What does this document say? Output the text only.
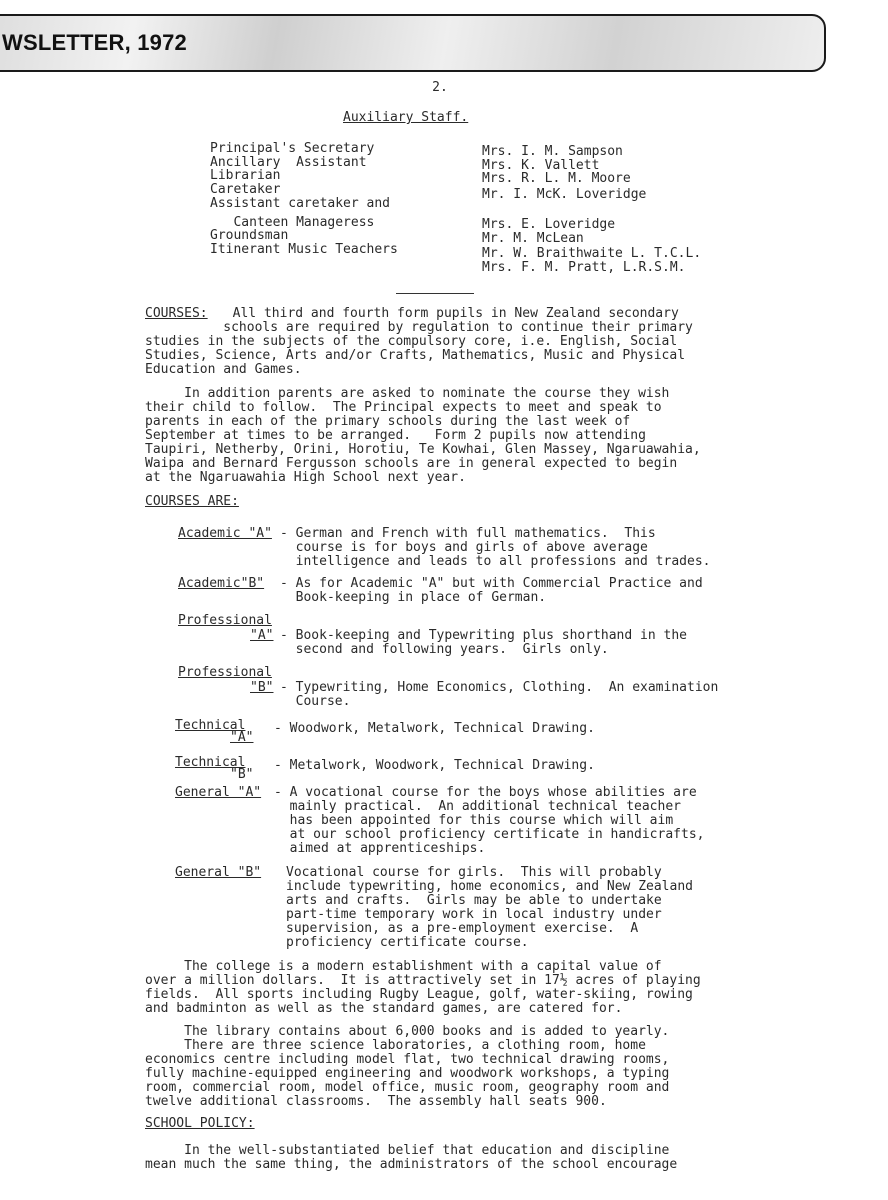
WSLETTER, 1972
2.
Auxiliary Staff.
Principal's Secretary
Ancillary  Assistant
Librarian
Caretaker
Assistant caretaker and
Canteen Manageress
Groundsman
Itinerant Music Teachers
Mrs. I. M. Sampson
Mrs. K. Vallett
Mrs. R. L. M. Moore
Mr. I. McK. Loveridge
Mrs. E. Loveridge
Mr. M. McLean
Mr. W. Braithwaite L. T.C.L.
Mrs. F. M. Pratt, L.R.S.M.
COURSES: All third and fourth form pupils in New Zealand secondary
schools are required by regulation to continue their primary
studies in the subjects of the compulsory core, i.e. English, Social
Studies, Science, Arts and/or Crafts, Mathematics, Music and Physical
Education and Games.
In addition parents are asked to nominate the course they wish
their child to follow.  The Principal expects to meet and speak to
parents in each of the primary schools during the last week of
September at times to be arranged.   Form 2 pupils now attending
Taupiri, Netherby, Orini, Horotiu, Te Kowhai, Glen Massey, Ngaruawahia,
Waipa and Bernard Fergusson schools are in general expected to begin
at the Ngaruawahia High School next year.
COURSES ARE:
Academic "A" - German and French with full mathematics.  This
course is for boys and girls of above average
intelligence and leads to all professions and trades.
Academic"B" - As for Academic "A" but with Commercial Practice and
Book-keeping in place of German.
Professional
"A" - Book-keeping and Typewriting plus shorthand in the
second and following years.  Girls only.
Professional
"B" - Typewriting, Home Economics, Clothing.  An examination
Course.
Technical
"A"
- Woodwork, Metalwork, Technical Drawing.
Technical
"B"
- Metalwork, Woodwork, Technical Drawing.
General "A" - A vocational course for the boys whose abilities are
mainly practical.  An additional technical teacher
has been appointed for this course which will aim
at our school proficiency certificate in handicrafts,
aimed at apprenticeships.
General "B" Vocational course for girls.  This will probably
include typewriting, home economics, and New Zealand
arts and crafts.  Girls may be able to undertake
part-time temporary work in local industry under
supervision, as a pre-employment exercise.  A
proficiency certificate course.
The college is a modern establishment with a capital value of
over a million dollars.  It is attractively set in 17½ acres of playing
fields.  All sports including Rugby League, golf, water-skiing, rowing
and badminton as well as the standard games, are catered for.
The library contains about 6,000 books and is added to yearly.
There are three science laboratories, a clothing room, home
economics centre including model flat, two technical drawing rooms,
fully machine-equipped engineering and woodwork workshops, a typing
room, commercial room, model office, music room, geography room and
twelve additional classrooms.  The assembly hall seats 900.
SCHOOL POLICY:
In the well-substantiated belief that education and discipline
mean much the same thing, the administrators of the school encourage
